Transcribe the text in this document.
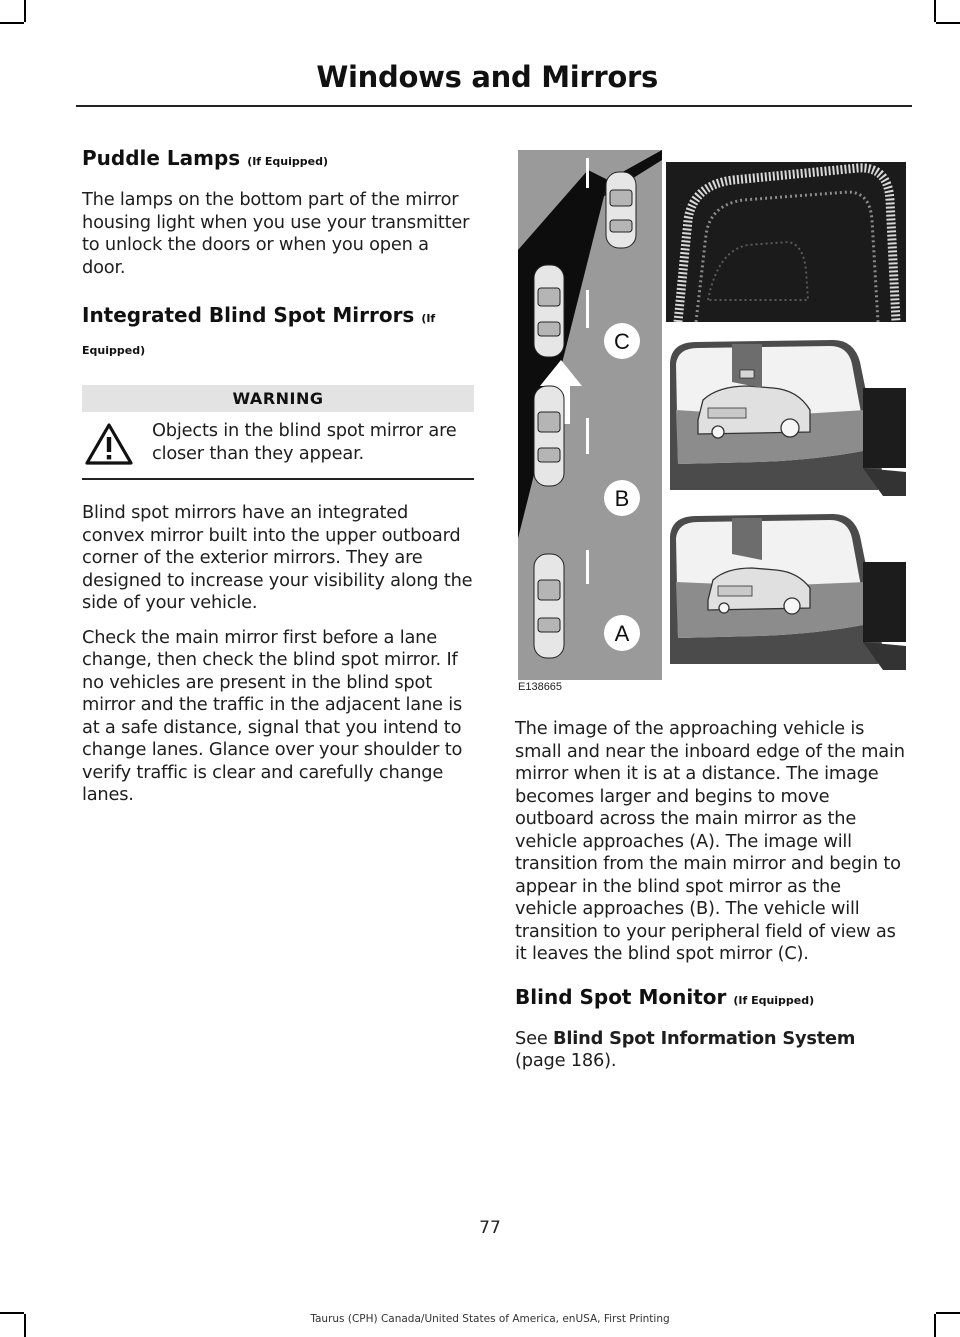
Windows and Mirrors
Puddle Lamps (If Equipped)

The lamps on the bottom part of the mirror housing light when you use your transmitter to unlock the doors or when you open a door.

Integrated Blind Spot Mirrors (If
Equipped)
WARNING

Objects in the blind spot mirror are closer than they appear.

Blind spot mirrors have an integrated convex mirror built into the upper outboard corner of the exterior mirrors. They are designed to increase your visibility along the side of your vehicle.

Check the main mirror first before a lane change, then check the blind spot mirror. If no vehicles are present in the blind spot mirror and the traffic in the adjacent lane is at a safe distance, signal that you intend to change lanes. Glance over your shoulder to verify traffic is clear and carefully change lanes.

C
B
A
E138665

The image of the approaching vehicle is small and near the inboard edge of the main mirror when it is at a distance. The image becomes larger and begins to move outboard across the main mirror as the vehicle approaches (A). The image will transition from the main mirror and begin to appear in the blind spot mirror as the vehicle approaches (B). The vehicle will transition to your peripheral field of view as it leaves the blind spot mirror (C).

Blind Spot Monitor (If Equipped)

See Blind Spot Information System
(page 186).

77
Taurus (CPH) Canada/United States of America, enUSA, First Printing
